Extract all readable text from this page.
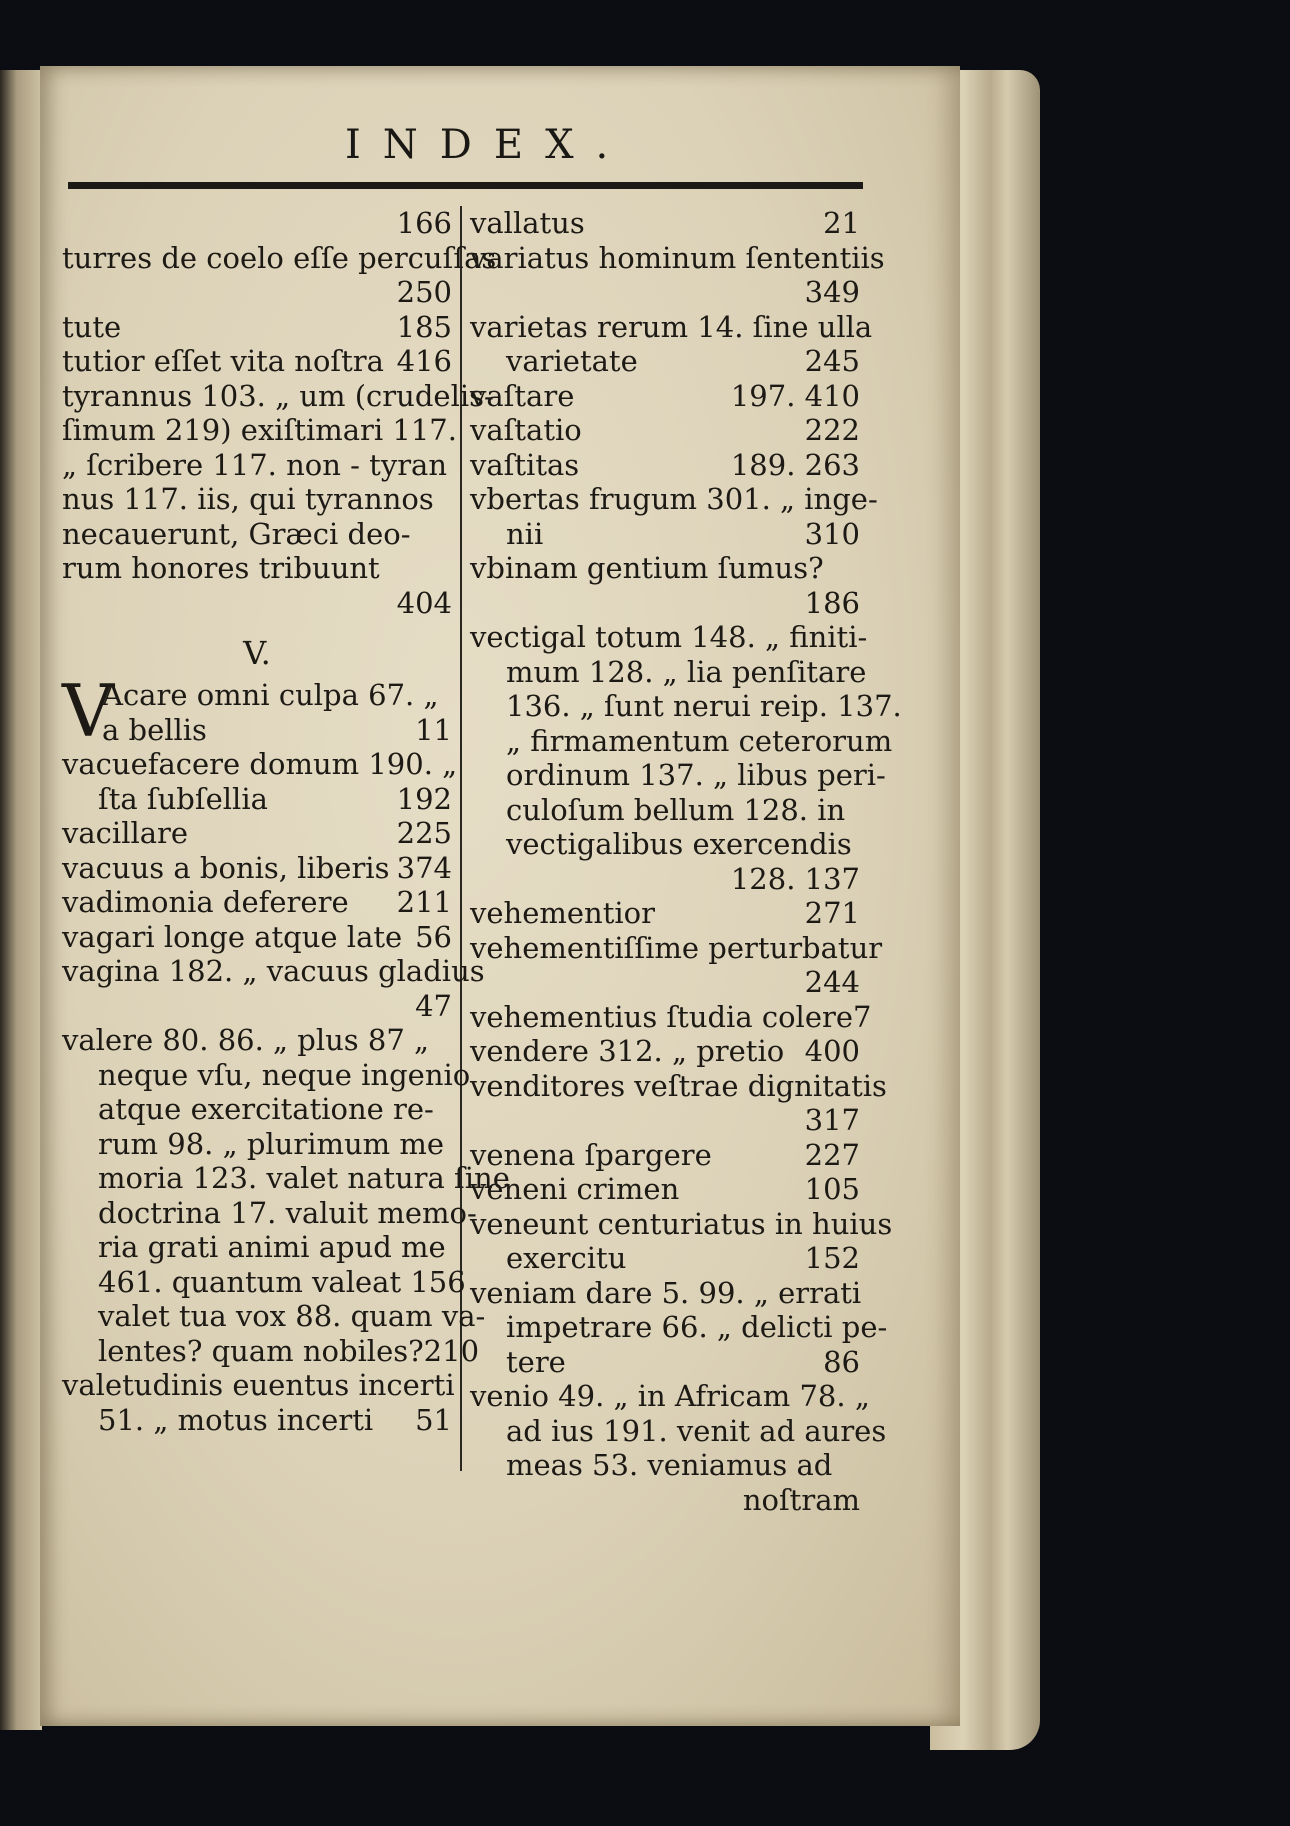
INDEX.
166
turres de coelo eſſe percuſſas
250
tute	185
tutior eſſet vita noſtra 416
tyrannus 103. „ um (crudelis-
ſimum 219) exiſtimari 117.
„ ſcribere 117. non - tyran
nus 117. iis, qui tyrannos
necauerunt, Græci deo-
rum honores tribuunt
404
V.
V
Acare omni culpa 67. „
a bellis	11
vacuefacere domum 190. „
ſta ſubſellia	192
vacillare	225
vacuus a bonis, liberis 374
vadimonia deferere 211
vagari longe atque late 56
vagina 182. „ vacuus gladius
47
valere 80. 86. „ plus 87 „
neque vſu, neque ingenio
atque exercitatione re-
rum 98. „ plurimum me
moria 123. valet natura ſine
doctrina 17. valuit memo-
ria grati animi apud me
461. quantum valeat 156
valet tua vox 88. quam va-
lentes? quam nobiles? 210
valetudinis euentus incerti
51. „ motus incerti 51
vallatus	21
variatus hominum ſententiis
349
varietas rerum 14. ſine ulla
varietate	245
vaſtare	197. 410
vaſtatio	222
vaſtitas	189. 263
vbertas frugum 301. „ inge-
nii	310
vbinam gentium ſumus?
186
vectigal totum 148. „ finiti-
mum 128. „ lia penſitare
136. „ ſunt nerui reip. 137.
„ firmamentum ceterorum
ordinum 137. „ libus peri-
culoſum bellum 128. in
vectigalibus exercendis
128. 137
vehementior	271
vehementiſſime perturbatur
244
vehementius ſtudia colere 7
vendere 312. „ pretio 400
venditores veſtrae dignitatis
317
venena ſpargere	227
veneni crimen	105
veneunt centuriatus in huius
exercitu	152
veniam dare 5. 99. „ errati
impetrare 66. „ delicti pe-
tere	86
venio 49. „ in Africam 78. „
ad ius 191. venit ad aures
meas 53. veniamus ad
noſtram
